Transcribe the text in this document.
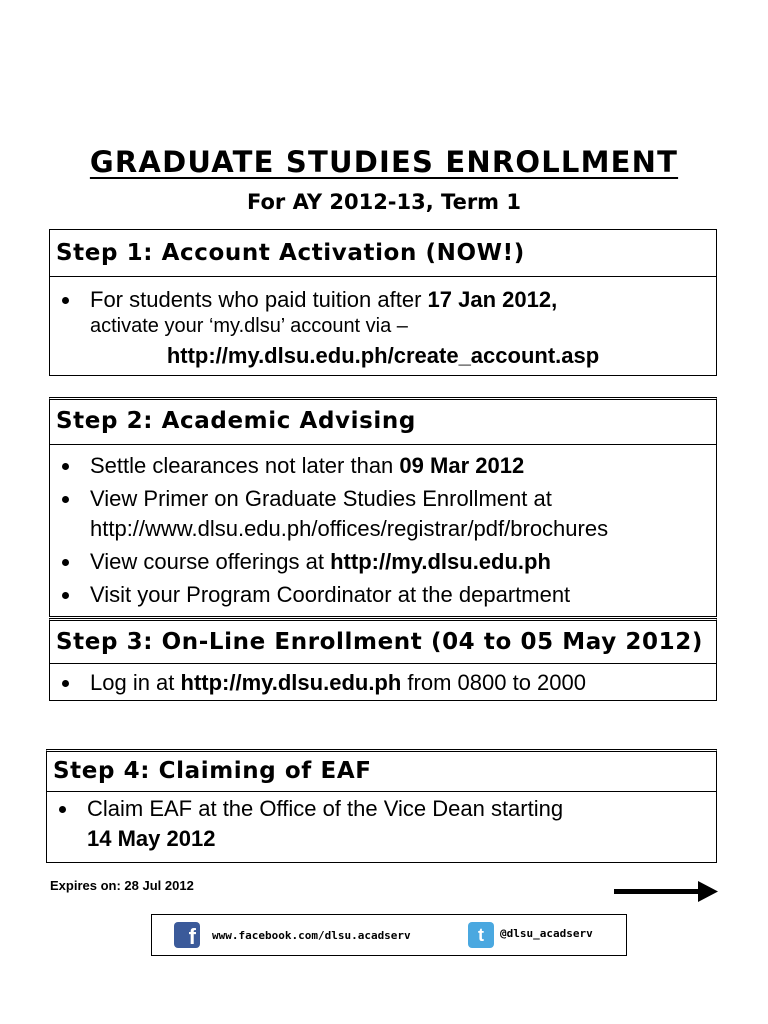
GRADUATE STUDIES ENROLLMENT
For AY 2012-13, Term 1
Step 1: Account Activation (NOW!)
For students who paid tuition after 17 Jan 2012,
activate your ‘my.dlsu’ account via –
http://my.dlsu.edu.ph/create_account.asp
Step 2: Academic Advising
Settle clearances not later than 09 Mar 2012
View Primer on Graduate Studies Enrollment at
http://www.dlsu.edu.ph/offices/registrar/pdf/brochures
View course offerings at http://my.dlsu.edu.ph
Visit your Program Coordinator at the department
Step 3: On-Line Enrollment (04 to 05 May 2012)
Log in at http://my.dlsu.edu.ph from 0800 to 2000
Step 4: Claiming of EAF
Claim EAF at the Office of the Vice Dean starting
14 May 2012
Expires on: 28 Jul 2012
f	www.facebook.com/dlsu.acadserv	t	@dlsu_acadserv
